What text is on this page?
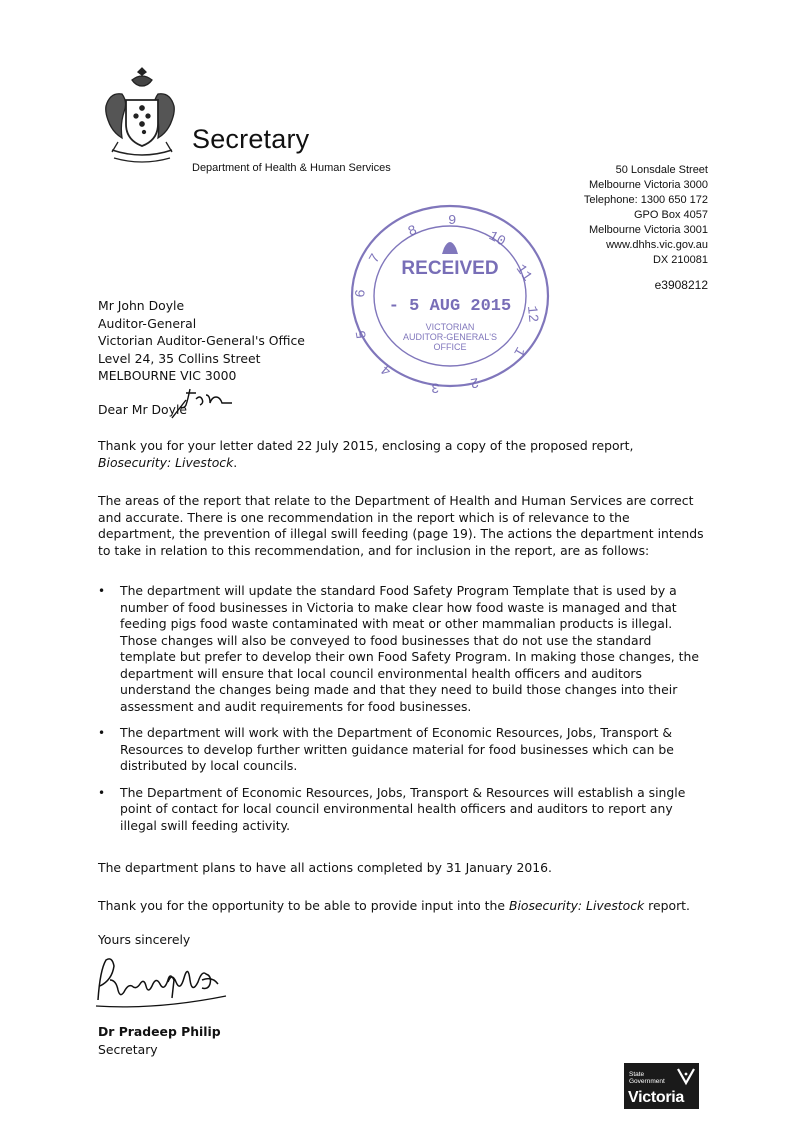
Secretary
Department of Health & Human Services	50 Lonsdale Street
Melbourne Victoria 3000
Telephone: 1300 650 172
GPO Box 4057
Melbourne Victoria 3001
www.dhhs.vic.gov.au
DX 210081
e3908212
8
9
10
11
12
1
2
3
4
5
6
7 RECEIVED
- 5 AUG 2015
VICTORIAN
AUDITOR-GENERAL'S
OFFICE
Mr John Doyle
Auditor-General
Victorian Auditor-General's Office
Level 24, 35 Collins Street
MELBOURNE VIC 3000
Dear Mr Doyle
Thank you for your letter dated 22 July 2015, enclosing a copy of the proposed report, Biosecurity: Livestock.
The areas of the report that relate to the Department of Health and Human Services are correct and accurate. There is one recommendation in the report which is of relevance to the department, the prevention of illegal swill feeding (page 19). The actions the department intends to take in relation to this recommendation, and for inclusion in the report, are as follows:
• The department will update the standard Food Safety Program Template that is used by a number of food businesses in Victoria to make clear how food waste is managed and that feeding pigs food waste contaminated with meat or other mammalian products is illegal. Those changes will also be conveyed to food businesses that do not use the standard template but prefer to develop their own Food Safety Program. In making those changes, the department will ensure that local council environmental health officers and auditors understand the changes being made and that they need to build those changes into their assessment and audit requirements for food businesses.
• The department will work with the Department of Economic Resources, Jobs, Transport & Resources to develop further written guidance material for food businesses which can be distributed by local councils.
• The Department of Economic Resources, Jobs, Transport & Resources will establish a single point of contact for local council environmental health officers and auditors to report any illegal swill feeding activity.
The department plans to have all actions completed by 31 January 2016.
Thank you for the opportunity to be able to provide input into the Biosecurity: Livestock report.
Yours sincerely
Dr Pradeep Philip
Secretary
State
Government
Victoria
